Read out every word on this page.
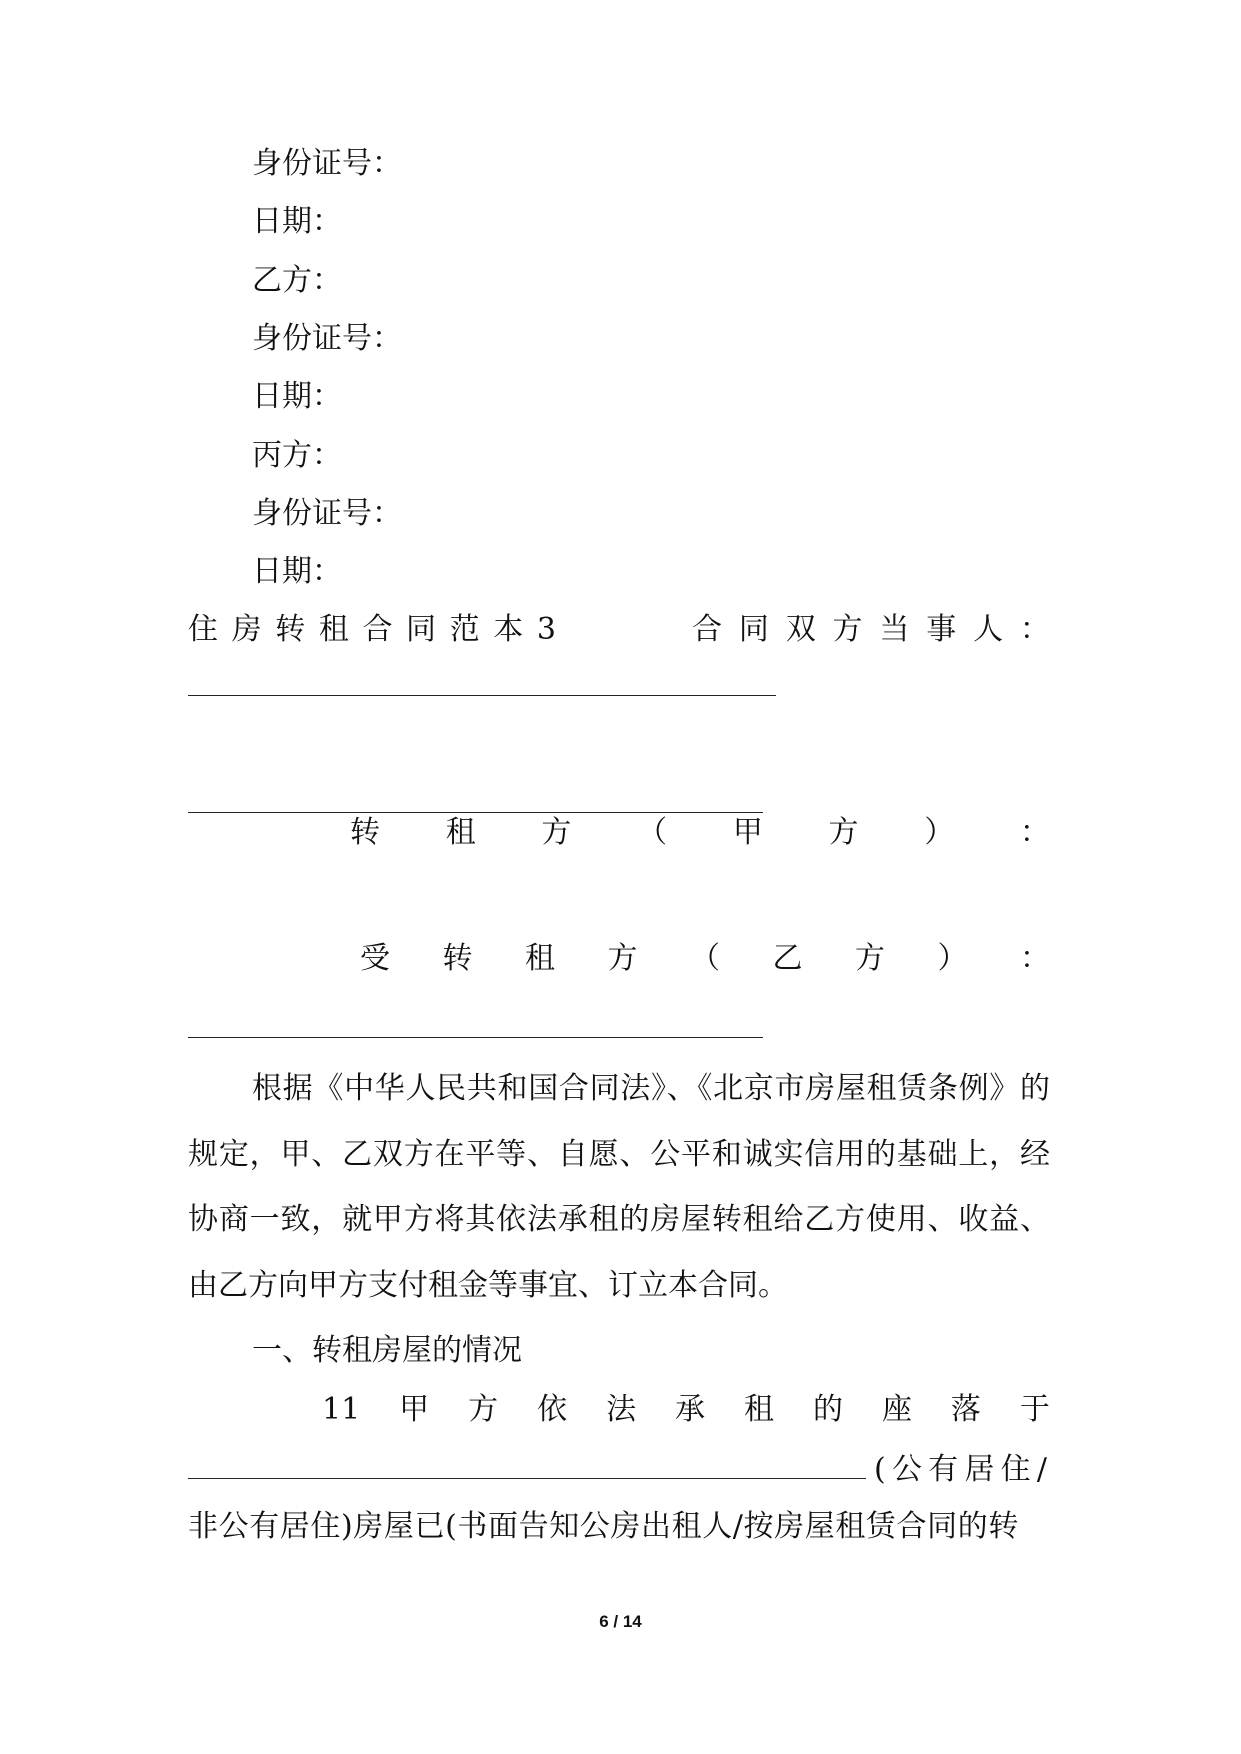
身份证号：
日期：
乙方：
身份证号：
日期：
丙方：
身份证号：
日期：
住 房 转 租 合 同 范 本 3	合 同 双 方 当 事 人 ：
转 租 方 （ 甲 方 ） ：
受 转 租 方 （ 乙 方 ） ：
根据《中华人民共和国合同法》、《北京市房屋租赁条例》的规定，甲、乙双方在平等、自愿、公平和诚实信用的基础上，经协商一致，就甲方将其依法承租的房屋转租给乙方使用、收益、由乙方向甲方支付租金等事宜、订立本合同。
一、转租房屋的情况
11 甲 方 依 法 承 租 的 座 落 于
(公有居住/
非公有居住)房屋已(书面告知公房出租人/按房屋租赁合同的转
6 / 14
